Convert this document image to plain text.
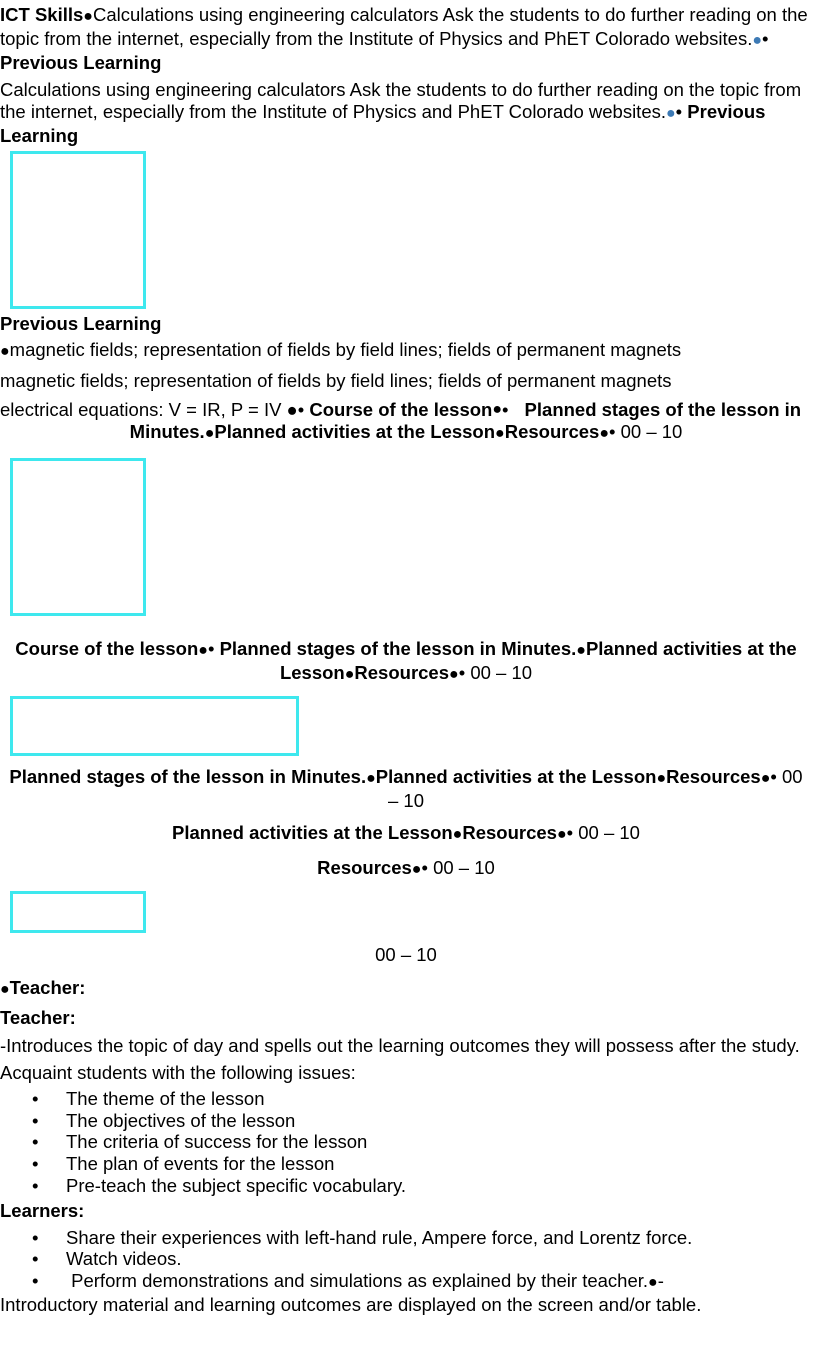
ICT Skills●Calculations using engineering calculators Ask the students to do further reading on the topic from the internet, especially from the Institute of Physics and PhET Colorado websites.●• Previous Learning

Calculations using engineering calculators Ask the students to do further reading on the topic from the internet, especially from the Institute of Physics and PhET Colorado websites.●• Previous Learning

Previous Learning

●magnetic fields; representation of fields by field lines; fields of permanent magnets

magnetic fields; representation of fields by field lines; fields of permanent magnets

electrical equations: V = IR, P = IV ●• Course of the lesson ● • Planned stages of the lesson in Minutes.●Planned activities at the Lesson●Resources●• 00 – 10

Course of the lesson●• Planned stages of the lesson in Minutes.●Planned activities at the Lesson●Resources●• 00 – 10

Planned stages of the lesson in Minutes.●Planned activities at the Lesson●Resources●• 00
– 10

Planned activities at the Lesson●Resources●• 00 – 10

Resources●• 00 – 10

00 – 10

●Teacher:

Teacher:

-Introduces the topic of day and spells out the learning outcomes they will possess after the study.

Acquaint students with the following issues:

• The theme of the lesson
• The objectives of the lesson
• The criteria of success for the lesson
• The plan of events for the lesson
• Pre-teach the subject specific vocabulary.

Learners:

• Share their experiences with left-hand rule, Ampere force, and Lorentz force.
• Watch videos.
•  Perform demonstrations and simulations as explained by their teacher.●-

Introductory material and learning outcomes are displayed on the screen and/or table.
